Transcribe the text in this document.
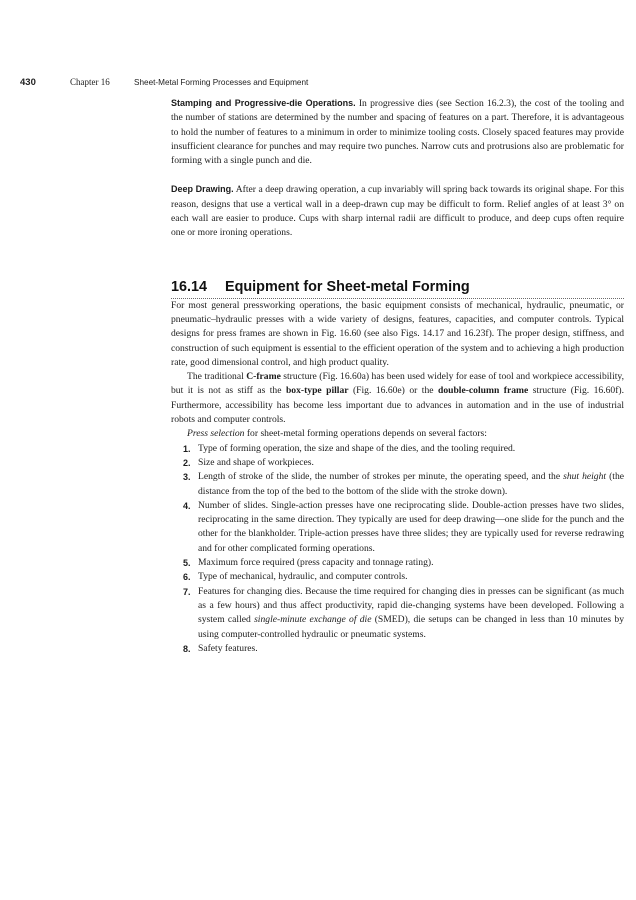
430	Chapter 16	Sheet-Metal Forming Processes and Equipment

Stamping and Progressive-die Operations. In progressive dies (see Section 16.2.3), the cost of the tooling and the number of stations are determined by the number and spacing of features on a part. Therefore, it is advantageous to hold the number of features to a minimum in order to minimize tooling costs. Closely spaced features may provide insufficient clearance for punches and may require two punches. Narrow cuts and protrusions also are problematic for forming with a single punch and die.

Deep Drawing. After a deep drawing operation, a cup invariably will spring back towards its original shape. For this reason, designs that use a vertical wall in a deep-drawn cup may be difficult to form. Relief angles of at least 3° on each wall are easier to produce. Cups with sharp internal radii are difficult to produce, and deep cups often require one or more ironing operations.

16.14 Equipment for Sheet-metal Forming

For most general pressworking operations, the basic equipment consists of mechanical, hydraulic, pneumatic, or pneumatic–hydraulic presses with a wide variety of designs, features, capacities, and computer controls. Typical designs for press frames are shown in Fig. 16.60 (see also Figs. 14.17 and 16.23f). The proper design, stiffness, and construction of such equipment is essential to the efficient operation of the system and to achieving a high production rate, good dimensional control, and high product quality.

The traditional C-frame structure (Fig. 16.60a) has been used widely for ease of tool and workpiece accessibility, but it is not as stiff as the box-type pillar (Fig. 16.60e) or the double-column frame structure (Fig. 16.60f). Furthermore, accessibility has become less important due to advances in automation and in the use of industrial robots and computer controls.

Press selection for sheet-metal forming operations depends on several factors:

1. Type of forming operation, the size and shape of the dies, and the tooling required.
2. Size and shape of workpieces.
3. Length of stroke of the slide, the number of strokes per minute, the operating speed, and the shut height (the distance from the top of the bed to the bottom of the slide with the stroke down).
4. Number of slides. Single-action presses have one reciprocating slide. Double-action presses have two slides, reciprocating in the same direction. They typically are used for deep drawing—one slide for the punch and the other for the blankholder. Triple-action presses have three slides; they are typically used for reverse redrawing and for other complicated forming operations.
5. Maximum force required (press capacity and tonnage rating).
6. Type of mechanical, hydraulic, and computer controls.
7. Features for changing dies. Because the time required for changing dies in presses can be significant (as much as a few hours) and thus affect productivity, rapid die-changing systems have been developed. Following a system called single-minute exchange of die (SMED), die setups can be changed in less than 10 minutes by using computer-controlled hydraulic or pneumatic systems.
8. Safety features.
